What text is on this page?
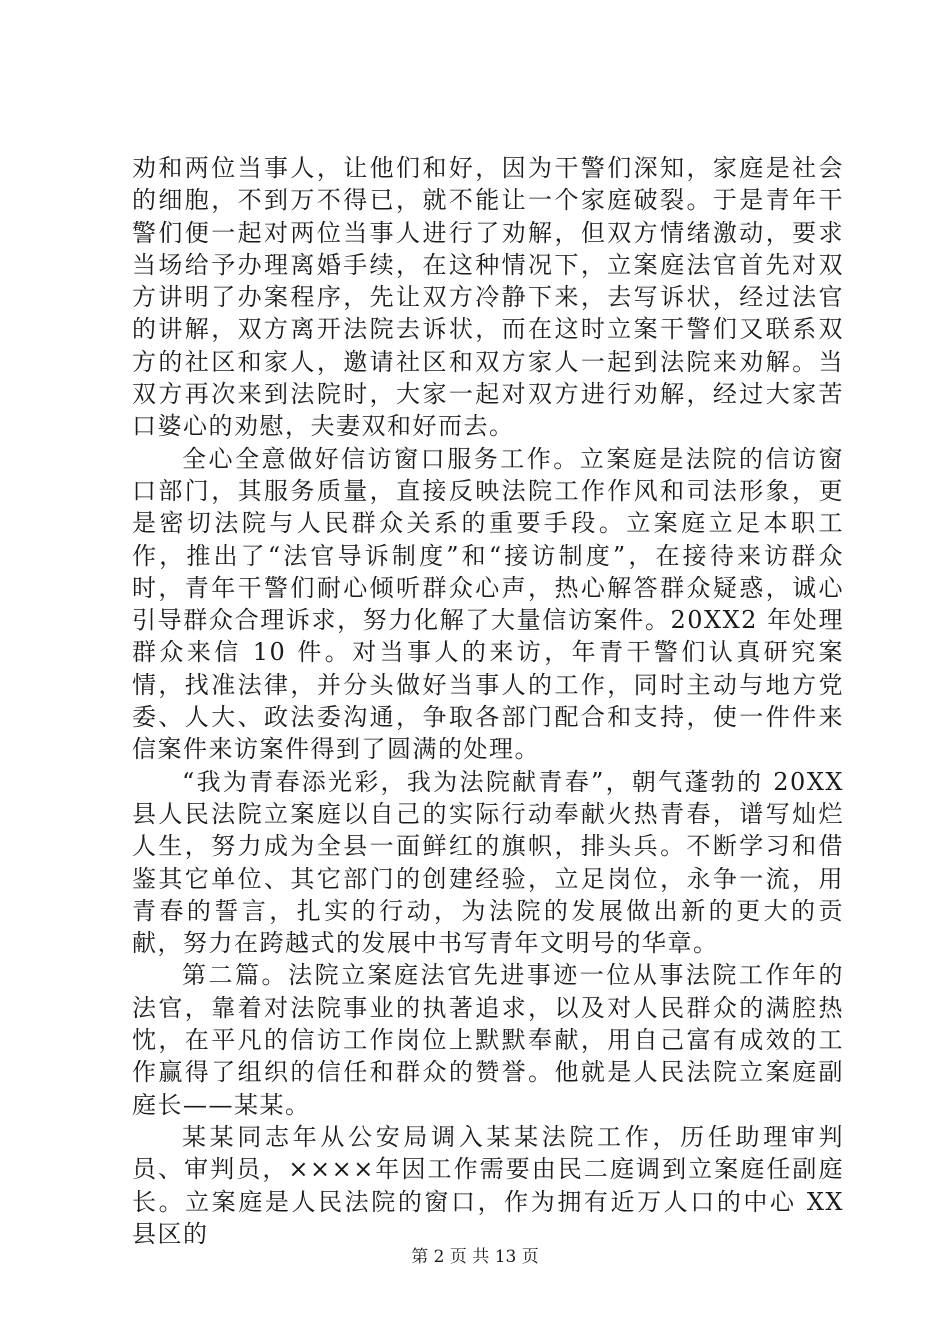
劝和两位当事人，让他们和好，因为干警们深知，家庭是社会的细胞，不到万不得已，就不能让一个家庭破裂。于是青年干警们便一起对两位当事人进行了劝解，但双方情绪激动，要求当场给予办理离婚手续，在这种情况下，立案庭法官首先对双方讲明了办案程序，先让双方冷静下来，去写诉状，经过法官的讲解，双方离开法院去诉状，而在这时立案干警们又联系双方的社区和家人，邀请社区和双方家人一起到法院来劝解。当双方再次来到法院时，大家一起对双方进行劝解，经过大家苦口婆心的劝慰，夫妻双和好而去。

全心全意做好信访窗口服务工作。立案庭是法院的信访窗口部门，其服务质量，直接反映法院工作作风和司法形象，更是密切法院与人民群众关系的重要手段。立案庭立足本职工作，推出了“法官导诉制度”和“接访制度”，在接待来访群众时，青年干警们耐心倾听群众心声，热心解答群众疑惑，诚心引导群众合理诉求，努力化解了大量信访案件。20XX2 年处理群众来信 10 件。对当事人的来访，年青干警们认真研究案情，找准法律，并分头做好当事人的工作，同时主动与地方党委、人大、政法委沟通，争取各部门配合和支持，使一件件来信案件来访案件得到了圆满的处理。

“我为青春添光彩，我为法院献青春”，朝气蓬勃的 20XX 县人民法院立案庭以自己的实际行动奉献火热青春，谱写灿烂人生，努力成为全县一面鲜红的旗帜，排头兵。不断学习和借鉴其它单位、其它部门的创建经验，立足岗位，永争一流，用青春的誓言，扎实的行动，为法院的发展做出新的更大的贡献，努力在跨越式的发展中书写青年文明号的华章。

第二篇。法院立案庭法官先进事迹一位从事法院工作年的法官，靠着对法院事业的执著追求，以及对人民群众的满腔热忱，在平凡的信访工作岗位上默默奉献，用自己富有成效的工作赢得了组织的信任和群众的赞誉。他就是人民法院立案庭副庭长——某某。

某某同志年从公安局调入某某法院工作，历任助理审判员、审判员，××××年因工作需要由民二庭调到立案庭任副庭长。立案庭是人民法院的窗口，作为拥有近万人口的中心 XX 县区的

第 2 页 共 13 页
